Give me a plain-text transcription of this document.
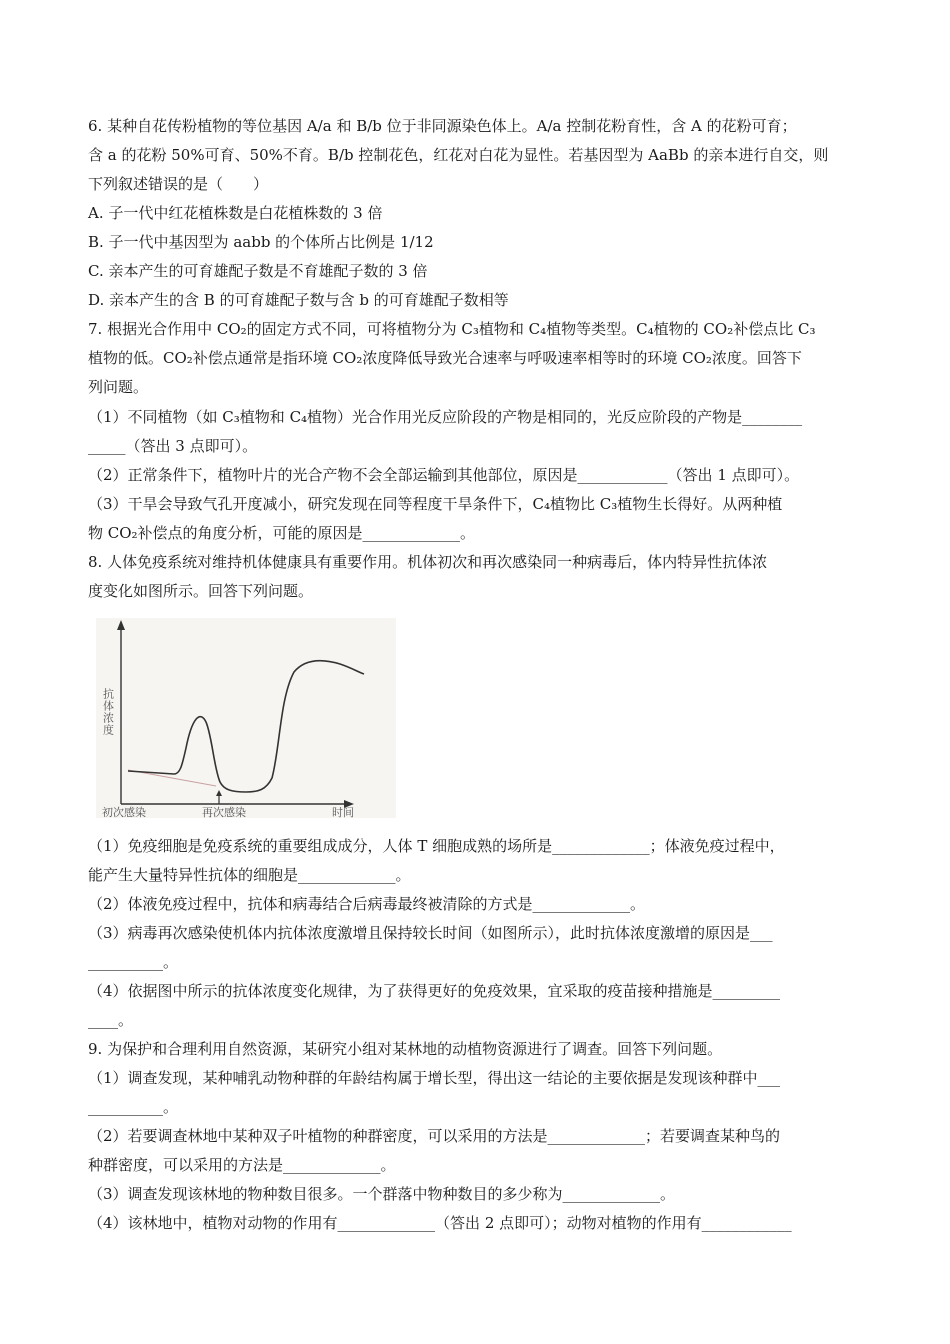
6. 某种自花传粉植物的等位基因 A/a 和 B/b 位于非同源染色体上。A/a 控制花粉育性，含 A 的花粉可育；
含 a 的花粉 50%可育、50%不育。B/b 控制花色，红花对白花为显性。若基因型为 AaBb 的亲本进行自交，则
下列叙述错误的是（　　）
A. 子一代中红花植株数是白花植株数的 3 倍
B. 子一代中基因型为 aabb 的个体所占比例是 1/12
C. 亲本产生的可育雄配子数是不育雄配子数的 3 倍
D. 亲本产生的含 B 的可育雄配子数与含 b 的可育雄配子数相等
7. 根据光合作用中 CO₂的固定方式不同，可将植物分为 C₃植物和 C₄植物等类型。C₄植物的 CO₂补偿点比 C₃
植物的低。CO₂补偿点通常是指环境 CO₂浓度降低导致光合速率与呼吸速率相等时的环境 CO₂浓度。回答下
列问题。
（1）不同植物（如 C₃植物和 C₄植物）光合作用光反应阶段的产物是相同的，光反应阶段的产物是________
_____（答出 3 点即可）。
（2）正常条件下，植物叶片的光合产物不会全部运输到其他部位，原因是____________（答出 1 点即可）。
（3）干旱会导致气孔开度减小，研究发现在同等程度干旱条件下，C₄植物比 C₃植物生长得好。从两种植
物 CO₂补偿点的角度分析，可能的原因是_____________。
8. 人体免疫系统对维持机体健康具有重要作用。机体初次和再次感染同一种病毒后，体内特异性抗体浓
度变化如图所示。回答下列问题。
抗体浓度
初次感染	再次感染	时间
（1）免疫细胞是免疫系统的重要组成成分，人体 T 细胞成熟的场所是_____________；体液免疫过程中，
能产生大量特异性抗体的细胞是_____________。
（2）体液免疫过程中，抗体和病毒结合后病毒最终被清除的方式是_____________。
（3）病毒再次感染使机体内抗体浓度激增且保持较长时间（如图所示），此时抗体浓度激增的原因是___
__________。
（4）依据图中所示的抗体浓度变化规律，为了获得更好的免疫效果，宜采取的疫苗接种措施是_________
____。
9. 为保护和合理利用自然资源，某研究小组对某林地的动植物资源进行了调查。回答下列问题。
（1）调查发现，某种哺乳动物种群的年龄结构属于增长型，得出这一结论的主要依据是发现该种群中___
__________。
（2）若要调查林地中某种双子叶植物的种群密度，可以采用的方法是_____________；若要调查某种鸟的
种群密度，可以采用的方法是_____________。
（3）调查发现该林地的物种数目很多。一个群落中物种数目的多少称为_____________。
（4）该林地中，植物对动物的作用有_____________（答出 2 点即可）；动物对植物的作用有____________
